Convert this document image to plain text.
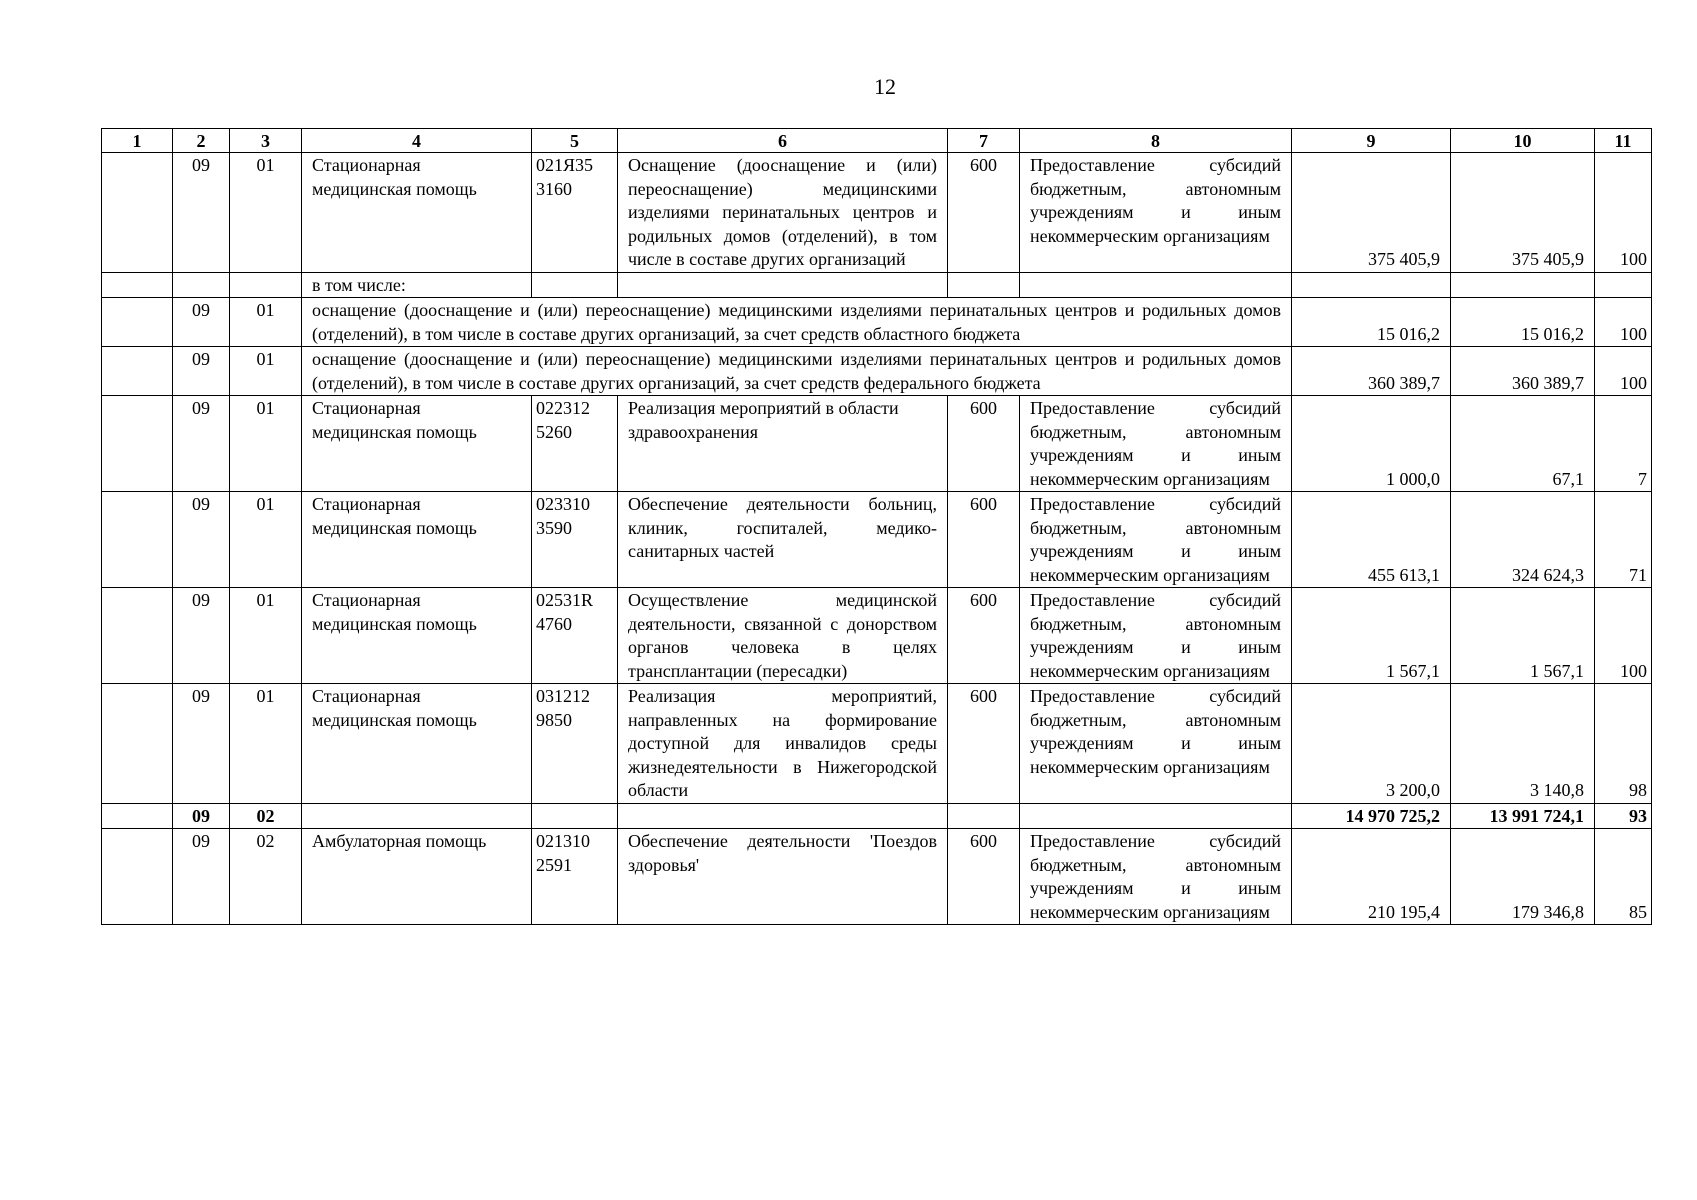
12
1	2	3	4	5	6	7	8	9	10	11
	09	01	Стационарная медицинская помощь	021Я35 3160	Оснащение (дооснащение и (или) переоснащение) медицинскими изделиями перинатальных центров и родильных домов (отделений), в том числе в составе других организаций	600	Предоставление субсидий бюджетным, автономным учреждениям и иным некоммерческим организациям	375 405,9	375 405,9	100
			в том числе:							
	09	01	оснащение (дооснащение и (или) переоснащение) медицинскими изделиями перинатальных центров и родильных домов (отделений), в том числе в составе других организаций, за счет средств областного бюджета					15 016,2	15 016,2	100
	09	01	оснащение (дооснащение и (или) переоснащение) медицинскими изделиями перинатальных центров и родильных домов (отделений), в том числе в составе других организаций, за счет средств федерального бюджета					360 389,7	360 389,7	100
	09	01	Стационарная медицинская помощь	022312 5260	Реализация мероприятий в области здравоохранения	600	Предоставление субсидий бюджетным, автономным учреждениям и иным некоммерческим организациям	1 000,0	67,1	7
	09	01	Стационарная медицинская помощь	023310 3590	Обеспечение деятельности больниц, клиник, госпиталей, медико-санитарных частей	600	Предоставление субсидий бюджетным, автономным учреждениям и иным некоммерческим организациям	455 613,1	324 624,3	71
	09	01	Стационарная медицинская помощь	02531R 4760	Осуществление медицинской деятельности, связанной с донорством органов человека в целях трансплантации (пересадки)	600	Предоставление субсидий бюджетным, автономным учреждениям и иным некоммерческим организациям	1 567,1	1 567,1	100
	09	01	Стационарная медицинская помощь	031212 9850	Реализация мероприятий, направленных на формирование доступной для инвалидов среды жизнедеятельности в Нижегородской области	600	Предоставление субсидий бюджетным, автономным учреждениям и иным некоммерческим организациям	3 200,0	3 140,8	98
	09	02						14 970 725,2	13 991 724,1	93
	09	02	Амбулаторная помощь	021310 2591	Обеспечение деятельности 'Поездов здоровья'	600	Предоставление субсидий бюджетным, автономным учреждениям и иным некоммерческим организациям	210 195,4	179 346,8	85
